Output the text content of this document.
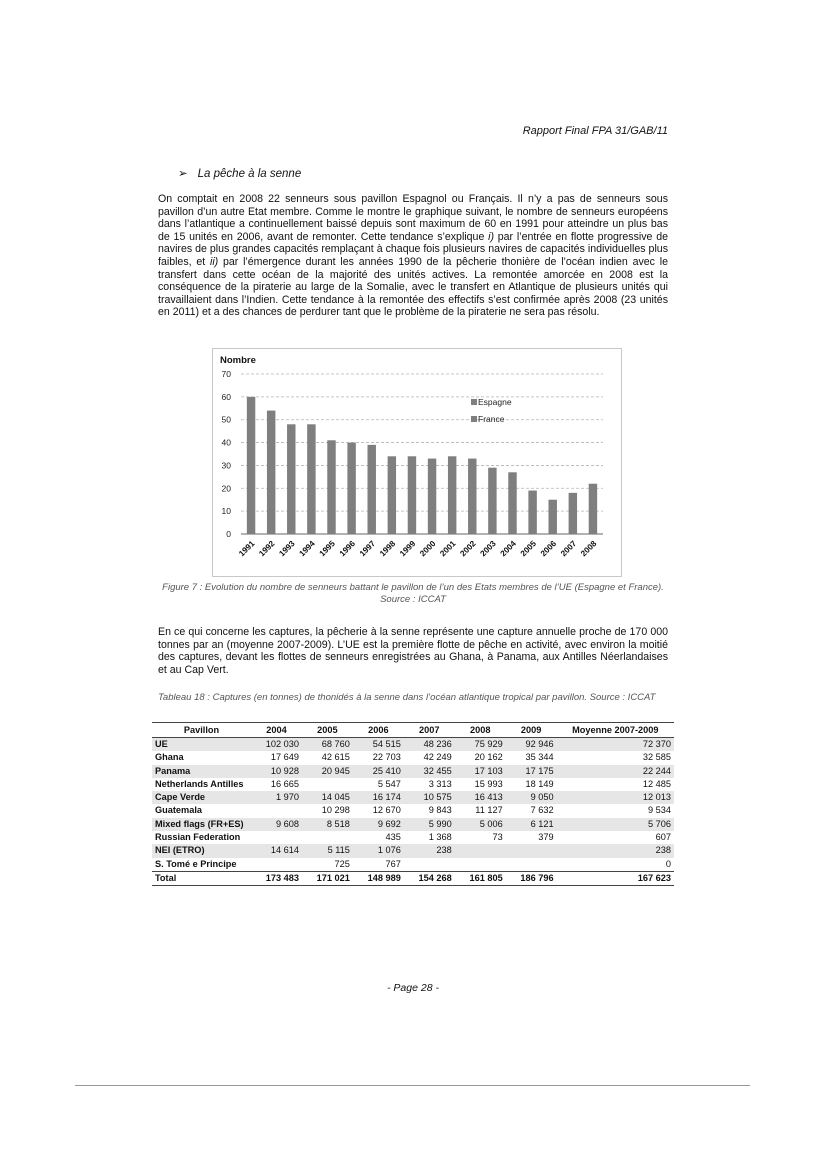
Rapport Final FPA 31/GAB/11
➢ La pêche à la senne
On comptait en 2008 22 senneurs sous pavillon Espagnol ou Français. Il n’y a pas de senneurs sous pavillon d’un autre Etat membre. Comme le montre le graphique suivant, le nombre de senneurs européens dans l’atlantique a continuellement baissé depuis sont maximum de 60 en 1991 pour atteindre un plus bas de 15 unités en 2006, avant de remonter. Cette tendance s’explique i) par l’entrée en flotte progressive de navires de plus grandes capacités remplaçant à chaque fois plusieurs navires de capacités individuelles plus faibles, et ii) par l’émergence durant les années 1990 de la pêcherie thonière de l’océan indien avec le transfert dans cette océan de la majorité des unités actives. La remontée amorcée en 2008 est la conséquence de la piraterie au large de la Somalie, avec le transfert en Atlantique de plusieurs unités qui travaillaient dans l’Indien. Cette tendance à la remontée des effectifs s’est confirmée après 2008 (23 unités en 2011) et a des chances de perdurer tant que le problème de la piraterie ne sera pas résolu.
Nombre
0
10
20
30
40
50
60
70
1991 1992 1993 1994 1995 1996 1997 1998 1999 2000 2001 2002 2003 2004 2005 2006 2007 2008
Espagne
France
Figure 7 : Evolution du nombre de senneurs battant le pavillon de l’un des Etats membres de l’UE (Espagne et France). Source : ICCAT
En ce qui concerne les captures, la pêcherie à la senne représente une capture annuelle proche de 170 000 tonnes par an (moyenne 2007-2009). L’UE est la première flotte de pêche en activité, avec environ la moitié des captures, devant les flottes de senneurs enregistrées au Ghana, à Panama, aux Antilles Néerlandaises et au Cap Vert.
Tableau 18 : Captures (en tonnes) de thonidés à la senne dans l’océan atlantique tropical par pavillon. Source : ICCAT
Pavillon	2004	2005	2006	2007	2008	2009	Moyenne 2007-2009
UE	102 030	68 760	54 515	48 236	75 929	92 946	72 370
Ghana	17 649	42 615	22 703	42 249	20 162	35 344	32 585
Panama	10 928	20 945	25 410	32 455	17 103	17 175	22 244
Netherlands Antilles	16 665		5 547	3 313	15 993	18 149	12 485
Cape Verde	1 970	14 045	16 174	10 575	16 413	9 050	12 013
Guatemala		10 298	12 670	9 843	11 127	7 632	9 534
Mixed flags (FR+ES)	9 608	8 518	9 692	5 990	5 006	6 121	5 706
Russian Federation			435	1 368	73	379	607
NEI (ETRO)	14 614	5 115	1 076	238			238
S. Tomé e Principe		725	767				0
Total	173 483	171 021	148 989	154 268	161 805	186 796	167 623
- Page 28 -
